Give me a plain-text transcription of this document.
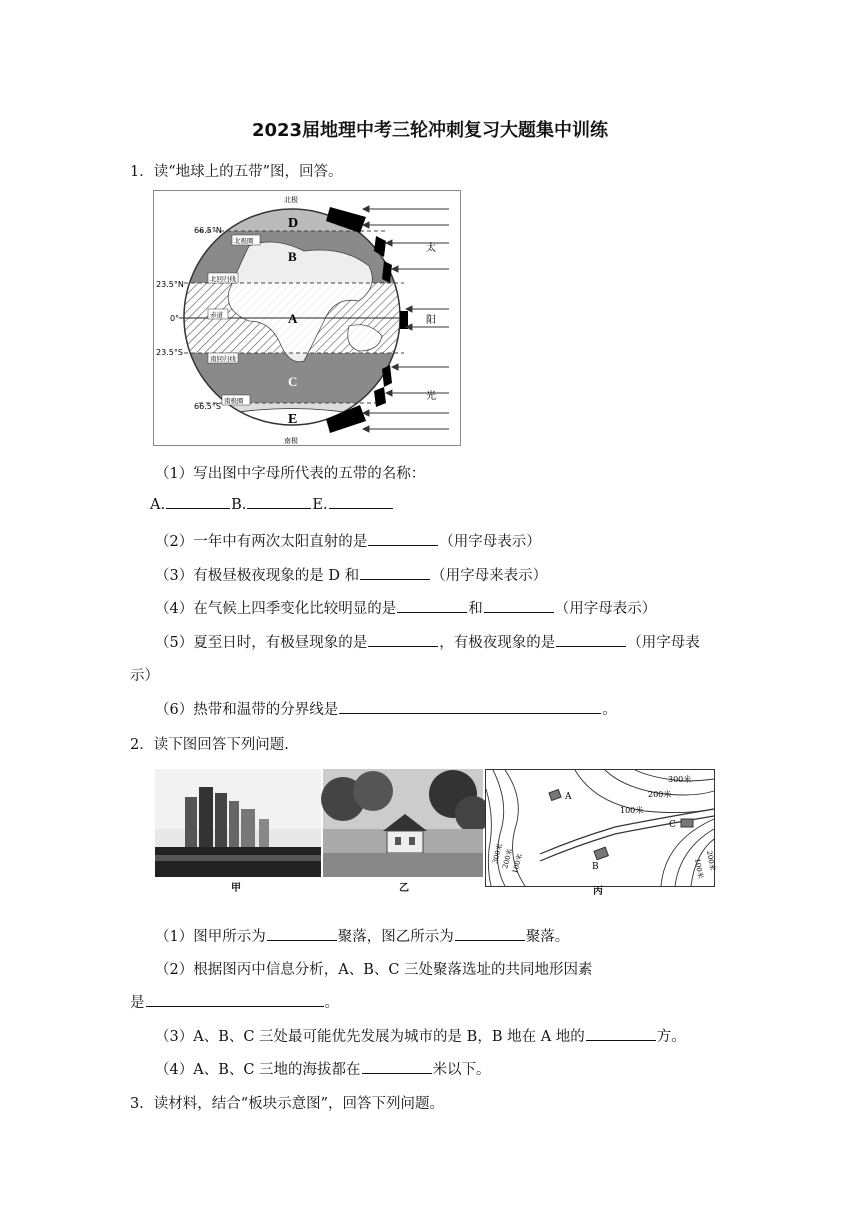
2023届地理中考三轮冲刺复习大题集中训练
1．读“地球上的五带”图，回答。
北极
南极
66.5°N
23.5°N
0°
23.5°S
66.5°S
北极圈
北回归线
赤道
南回归线
南极圈
D
B
A
C
E
太
阳
光
（1）写出图中字母所代表的五带的名称：
A.	B.	E.
（2）一年中有两次太阳直射的是	（用字母表示）
（3）有极昼极夜现象的是 D 和	（用字母来表示）
（4）在气候上四季变化比较明显的是	和	（用字母表示）
（5）夏至日时，有极昼现象的是	，有极夜现象的是	（用字母表
示）
（6）热带和温带的分界线是	。
2．读下图回答下列问题.
A
B
C
300米
200米
100米
300米
200米
100米	200米
100米
甲	乙	丙
（1）图甲所示为	聚落，图乙所示为	聚落。
（2）根据图丙中信息分析，A、B、C 三处聚落选址的共同地形因素
是	。
（3）A、B、C 三处最可能优先发展为城市的是 B，B 地在 A 地的	方。
（4）A、B、C 三地的海拔都在	米以下。
3．读材料，结合“板块示意图”，回答下列问题。
